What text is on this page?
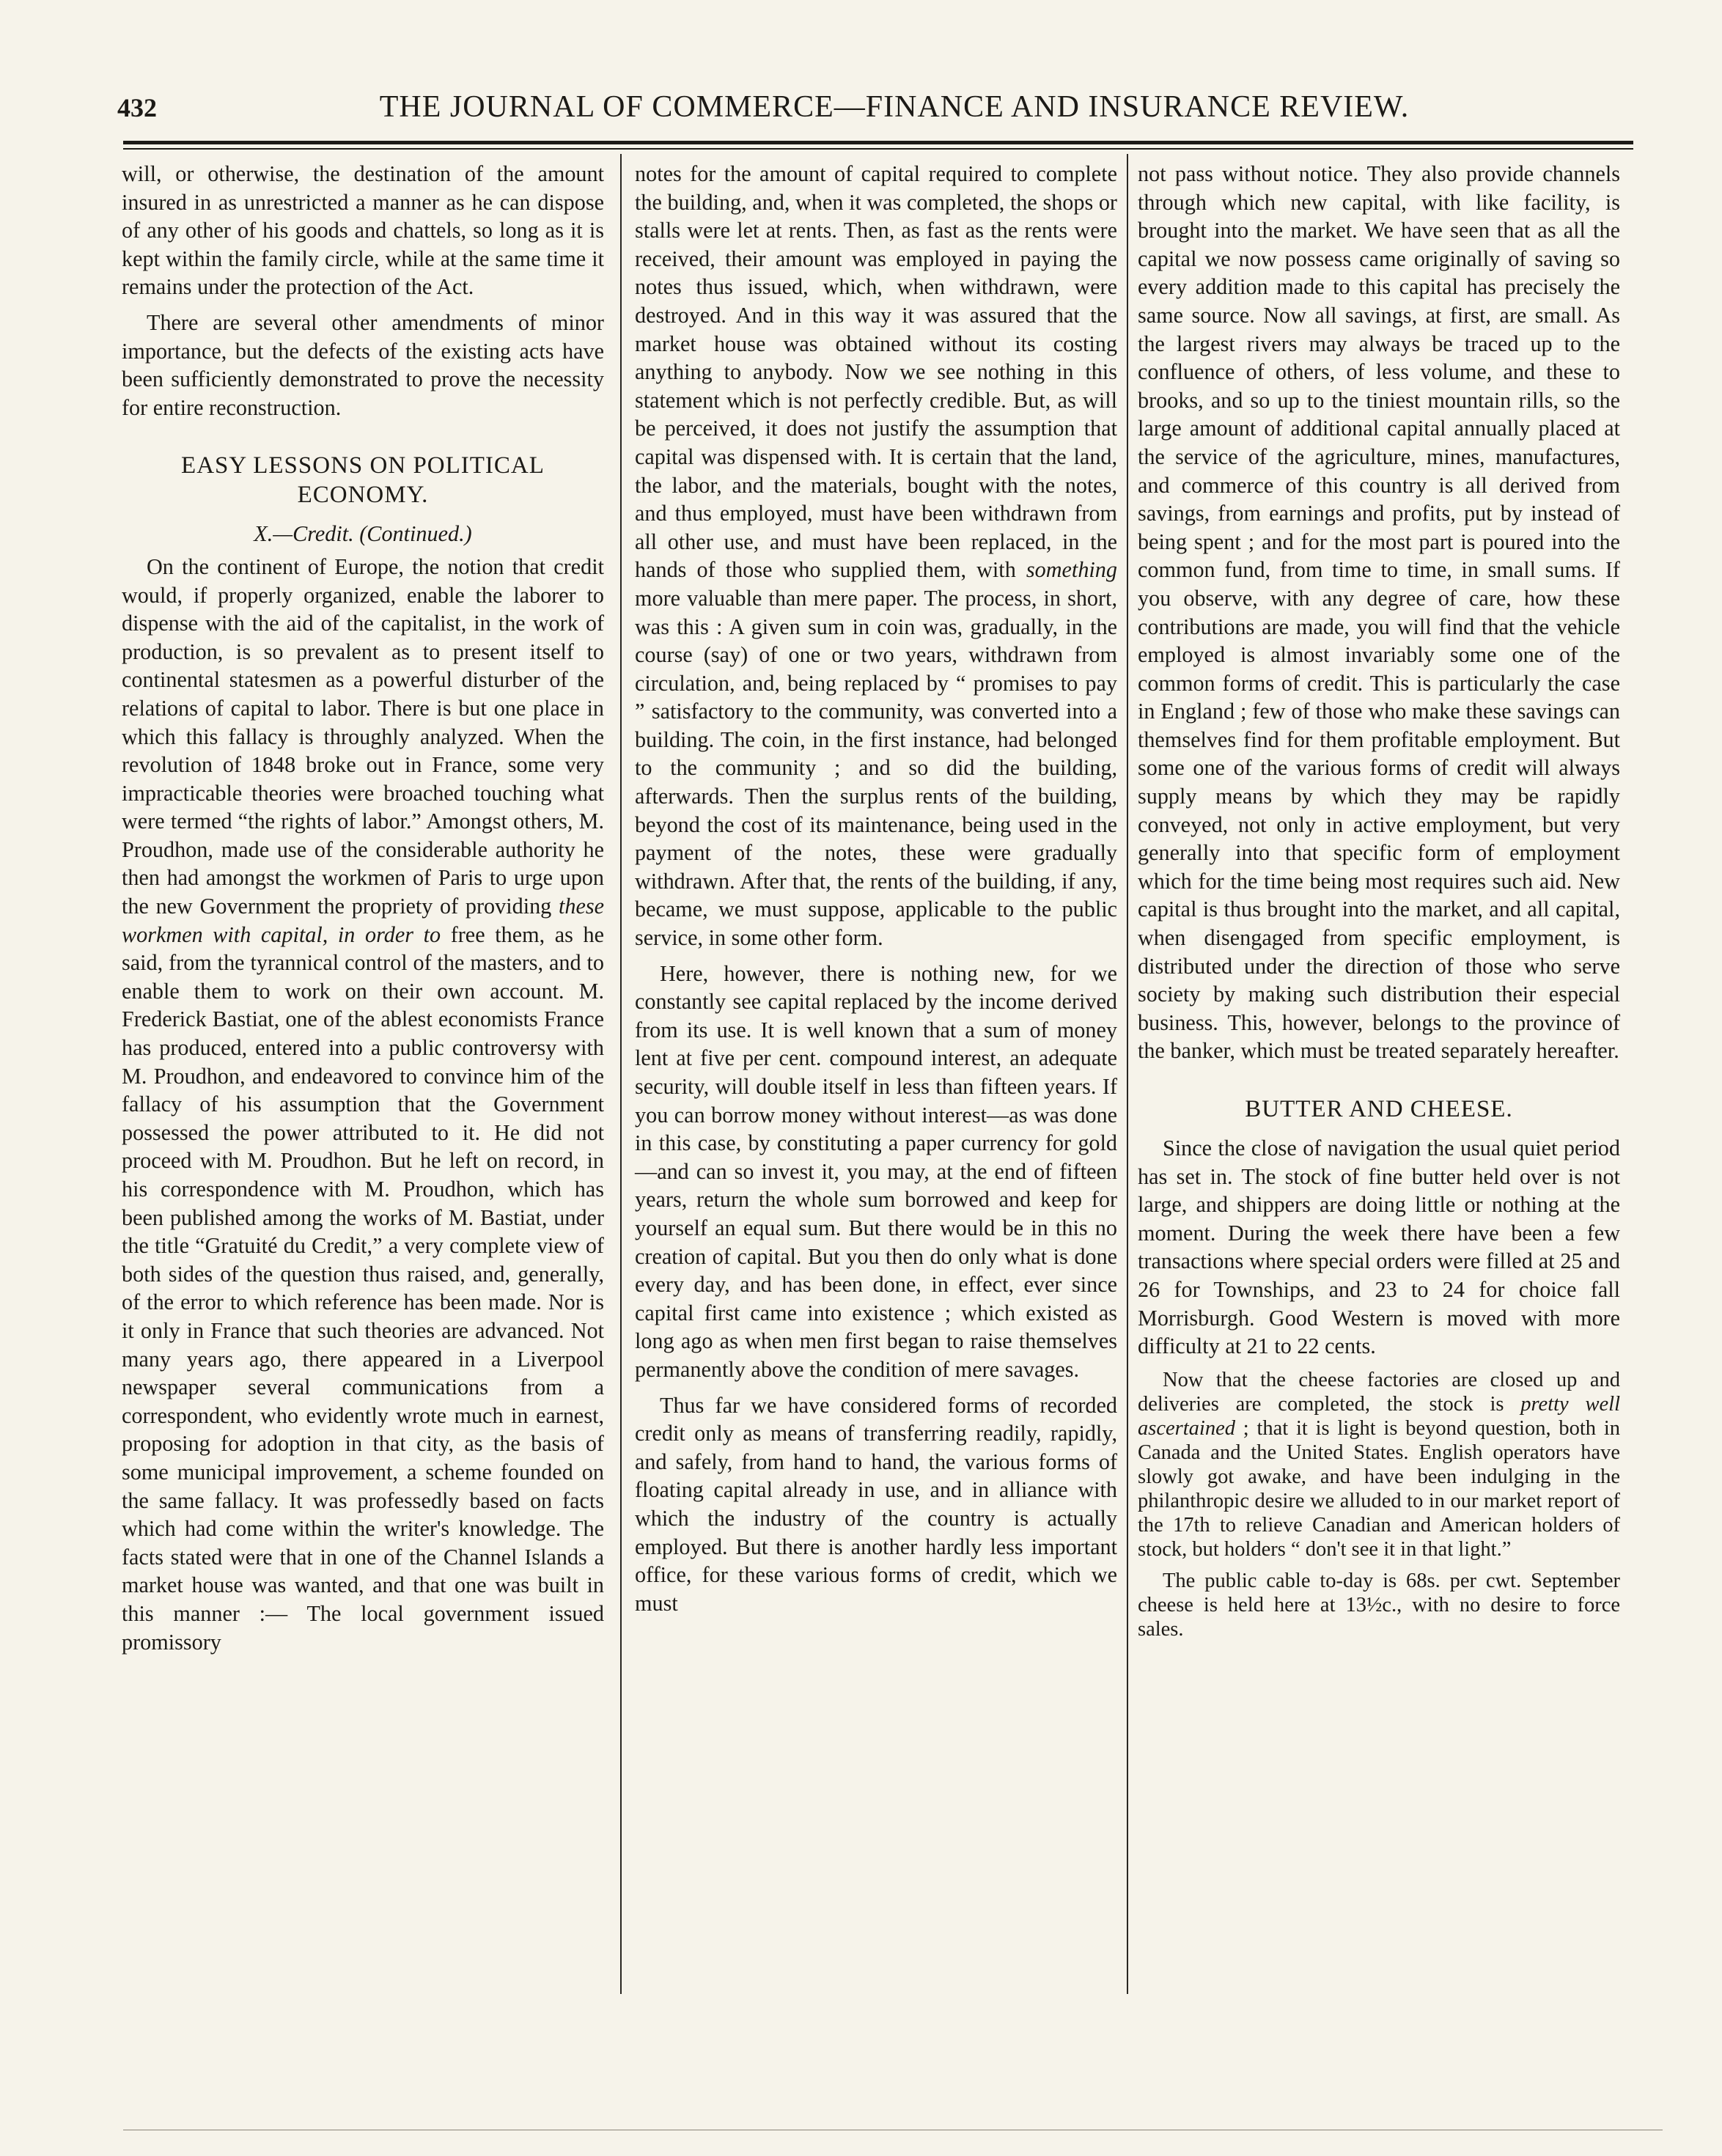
432	THE JOURNAL OF COMMERCE—FINANCE AND INSURANCE REVIEW.

will, or otherwise, the destination of the amount insured in as unrestricted a manner as he can dispose of any other of his goods and chattels, so long as it is kept within the family circle, while at the same time it remains under the protection of the Act.

There are several other amendments of minor importance, but the defects of the existing acts have been sufficiently demonstrated to prove the necessity for entire reconstruction.

EASY LESSONS ON POLITICAL ECONOMY.
X.—Credit. (Continued.)

On the continent of Europe, the notion that credit would, if properly organized, enable the laborer to dispense with the aid of the capitalist, in the work of production, is so prevalent as to present itself to continental statesmen as a powerful disturber of the relations of capital to labor. There is but one place in which this fallacy is throughly analyzed. When the revolution of 1848 broke out in France, some very impracticable theories were broached touching what were termed “the rights of labor.” Amongst others, M. Proudhon, made use of the considerable authority he then had amongst the workmen of Paris to urge upon the new Government the propriety of providing these workmen with capital, in order to free them, as he said, from the tyrannical control of the masters, and to enable them to work on their own account. M. Frederick Bastiat, one of the ablest economists France has produced, entered into a public controversy with M. Proudhon, and endeavored to convince him of the fallacy of his assumption that the Government possessed the power attributed to it. He did not proceed with M. Proudhon. But he left on record, in his correspondence with M. Proudhon, which has been published among the works of M. Bastiat, under the title “Gratuité du Credit,” a very complete view of both sides of the question thus raised, and, generally, of the error to which reference has been made. Nor is it only in France that such theories are advanced. Not many years ago, there appeared in a Liverpool newspaper several communications from a correspondent, who evidently wrote much in earnest, proposing for adoption in that city, as the basis of some municipal improvement, a scheme founded on the same fallacy. It was professedly based on facts which had come within the writer's knowledge. The facts stated were that in one of the Channel Islands a market house was wanted, and that one was built in this manner :— The local government issued promissory

notes for the amount of capital required to complete the building, and, when it was completed, the shops or stalls were let at rents. Then, as fast as the rents were received, their amount was employed in paying the notes thus issued, which, when withdrawn, were destroyed. And in this way it was assured that the market house was obtained without its costing anything to anybody. Now we see nothing in this statement which is not perfectly credible. But, as will be perceived, it does not justify the assumption that capital was dispensed with. It is certain that the land, the labor, and the materials, bought with the notes, and thus employed, must have been withdrawn from all other use, and must have been replaced, in the hands of those who supplied them, with something more valuable than mere paper. The process, in short, was this : A given sum in coin was, gradually, in the course (say) of one or two years, withdrawn from circulation, and, being replaced by “ promises to pay ” satisfactory to the community, was converted into a building. The coin, in the first instance, had belonged to the community ; and so did the building, afterwards. Then the surplus rents of the building, beyond the cost of its maintenance, being used in the payment of the notes, these were gradually withdrawn. After that, the rents of the building, if any, became, we must suppose, applicable to the public service, in some other form.

Here, however, there is nothing new, for we constantly see capital replaced by the income derived from its use. It is well known that a sum of money lent at five per cent. compound interest, an adequate security, will double itself in less than fifteen years. If you can borrow money without interest—as was done in this case, by constituting a paper currency for gold—and can so invest it, you may, at the end of fifteen years, return the whole sum borrowed and keep for yourself an equal sum. But there would be in this no creation of capital. But you then do only what is done every day, and has been done, in effect, ever since capital first came into existence ; which existed as long ago as when men first began to raise themselves permanently above the condition of mere savages.

Thus far we have considered forms of recorded credit only as means of transferring readily, rapidly, and safely, from hand to hand, the various forms of floating capital already in use, and in alliance with which the industry of the country is actually employed. But there is another hardly less important office, for these various forms of credit, which we must

not pass without notice. They also provide channels through which new capital, with like facility, is brought into the market. We have seen that as all the capital we now possess came originally of saving so every addition made to this capital has precisely the same source. Now all savings, at first, are small. As the largest rivers may always be traced up to the confluence of others, of less volume, and these to brooks, and so up to the tiniest mountain rills, so the large amount of additional capital annually placed at the service of the agriculture, mines, manufactures, and commerce of this country is all derived from savings, from earnings and profits, put by instead of being spent ; and for the most part is poured into the common fund, from time to time, in small sums. If you observe, with any degree of care, how these contributions are made, you will find that the vehicle employed is almost invariably some one of the common forms of credit. This is particularly the case in England ; few of those who make these savings can themselves find for them profitable employment. But some one of the various forms of credit will always supply means by which they may be rapidly conveyed, not only in active employment, but very generally into that specific form of employment which for the time being most requires such aid. New capital is thus brought into the market, and all capital, when disengaged from specific employment, is distributed under the direction of those who serve society by making such distribution their especial business. This, however, belongs to the province of the banker, which must be treated separately hereafter.

BUTTER AND CHEESE.

Since the close of navigation the usual quiet period has set in. The stock of fine butter held over is not large, and shippers are doing little or nothing at the moment. During the week there have been a few transactions where special orders were filled at 25 and 26 for Townships, and 23 to 24 for choice fall Morrisburgh. Good Western is moved with more difficulty at 21 to 22 cents.

Now that the cheese factories are closed up and deliveries are completed, the stock is pretty well ascertained ; that it is light is beyond question, both in Canada and the United States. English operators have slowly got awake, and have been indulging in the philanthropic desire we alluded to in our market report of the 17th to relieve Canadian and American holders of stock, but holders “ don't see it in that light.”

The public cable to-day is 68s. per cwt. September cheese is held here at 13½c., with no desire to force sales.
